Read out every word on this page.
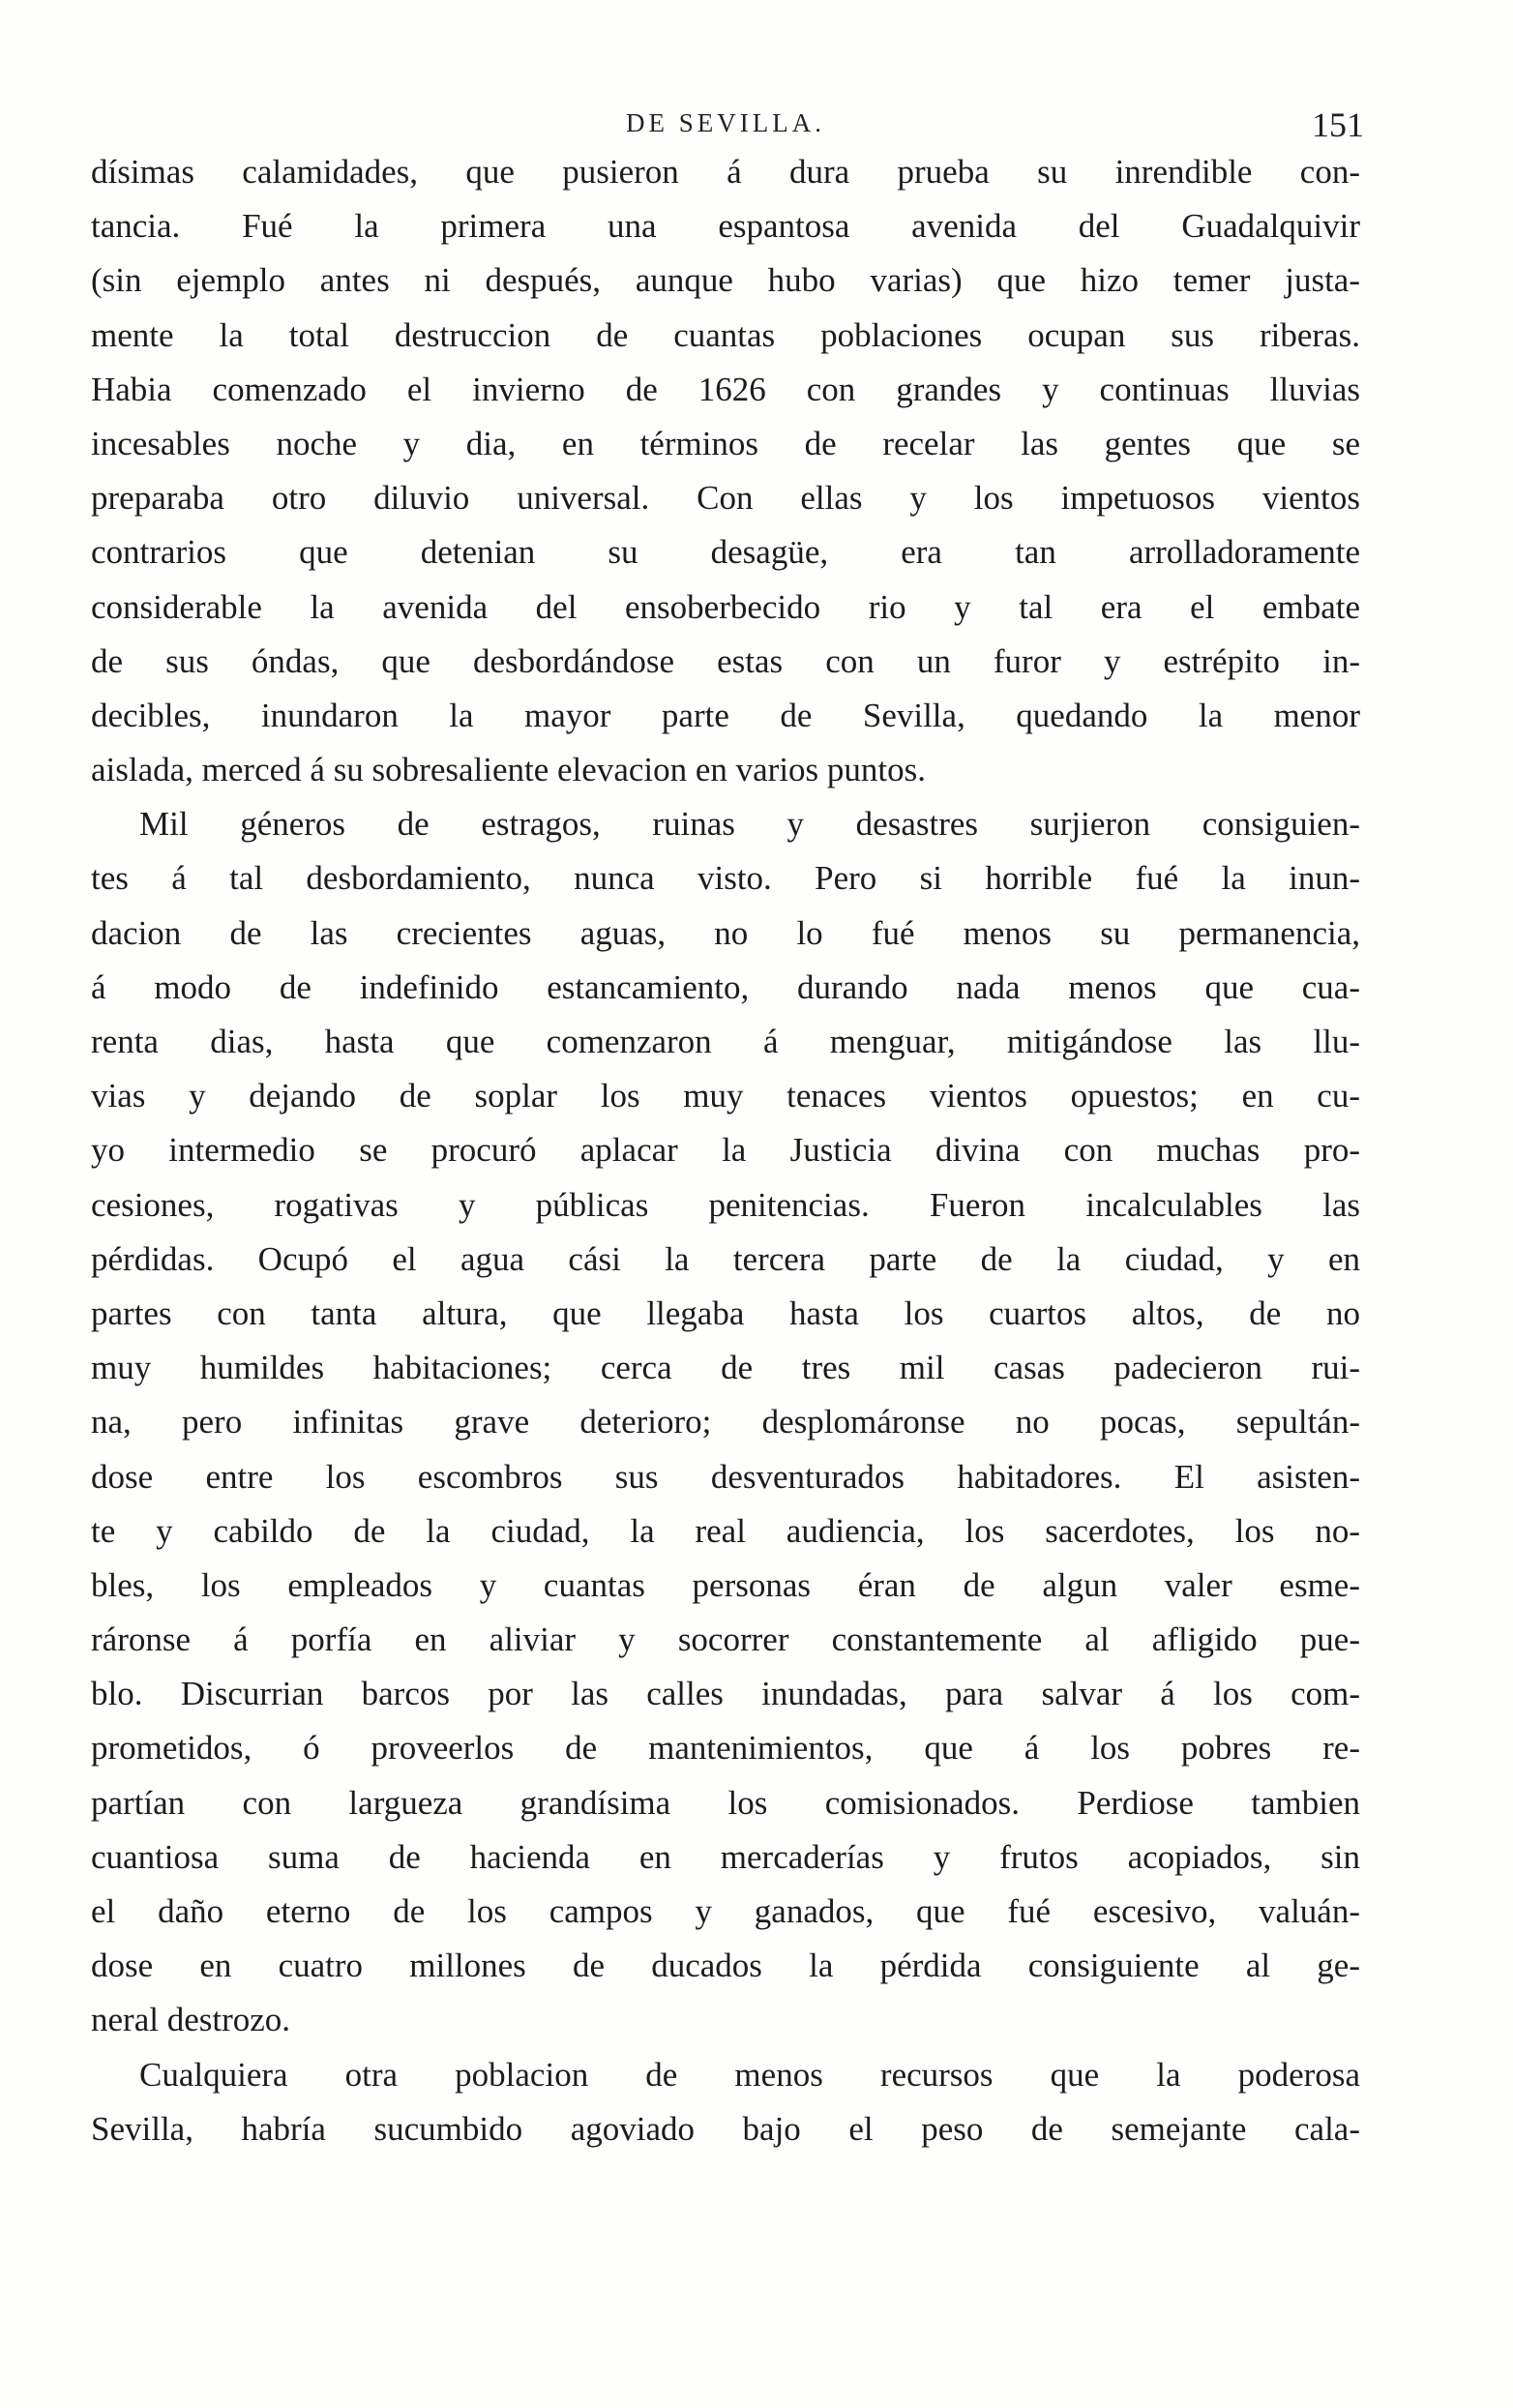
DE SEVILLA.	151
dísimas calamidades, que pusieron á dura prueba su inrendible con-
tancia. Fué la primera una espantosa avenida del Guadalquivir
(sin ejemplo antes ni después, aunque hubo varias) que hizo temer justa-
mente la total destruccion de cuantas poblaciones ocupan sus riberas.
Habia comenzado el invierno de 1626 con grandes y continuas lluvias
incesables noche y dia, en términos de recelar las gentes que se
preparaba otro diluvio universal. Con ellas y los impetuosos vientos
contrarios que detenian su desagüe, era tan arrolladoramente
considerable la avenida del ensoberbecido rio y tal era el embate
de sus óndas, que desbordándose estas con un furor y estrépito in-
decibles, inundaron la mayor parte de Sevilla, quedando la menor
aislada, merced á su sobresaliente elevacion en varios puntos.
Mil géneros de estragos, ruinas y desastres surjieron consiguien-
tes á tal desbordamiento, nunca visto. Pero si horrible fué la inun-
dacion de las crecientes aguas, no lo fué menos su permanencia,
á modo de indefinido estancamiento, durando nada menos que cua-
renta dias, hasta que comenzaron á menguar, mitigándose las llu-
vias y dejando de soplar los muy tenaces vientos opuestos; en cu-
yo intermedio se procuró aplacar la Justicia divina con muchas pro-
cesiones, rogativas y públicas penitencias. Fueron incalculables las
pérdidas. Ocupó el agua cási la tercera parte de la ciudad, y en
partes con tanta altura, que llegaba hasta los cuartos altos, de no
muy humildes habitaciones; cerca de tres mil casas padecieron rui-
na, pero infinitas grave deterioro; desplomáronse no pocas, sepultán-
dose entre los escombros sus desventurados habitadores. El asisten-
te y cabildo de la ciudad, la real audiencia, los sacerdotes, los no-
bles, los empleados y cuantas personas éran de algun valer esme-
ráronse á porfía en aliviar y socorrer constantemente al afligido pue-
blo. Discurrian barcos por las calles inundadas, para salvar á los com-
prometidos, ó proveerlos de mantenimientos, que á los pobres re-
partían con largueza grandísima los comisionados. Perdiose tambien
cuantiosa suma de hacienda en mercaderías y frutos acopiados, sin
el daño eterno de los campos y ganados, que fué escesivo, valuán-
dose en cuatro millones de ducados la pérdida consiguiente al ge-
neral destrozo.
Cualquiera otra poblacion de menos recursos que la poderosa
Sevilla, habría sucumbido agoviado bajo el peso de semejante cala-
